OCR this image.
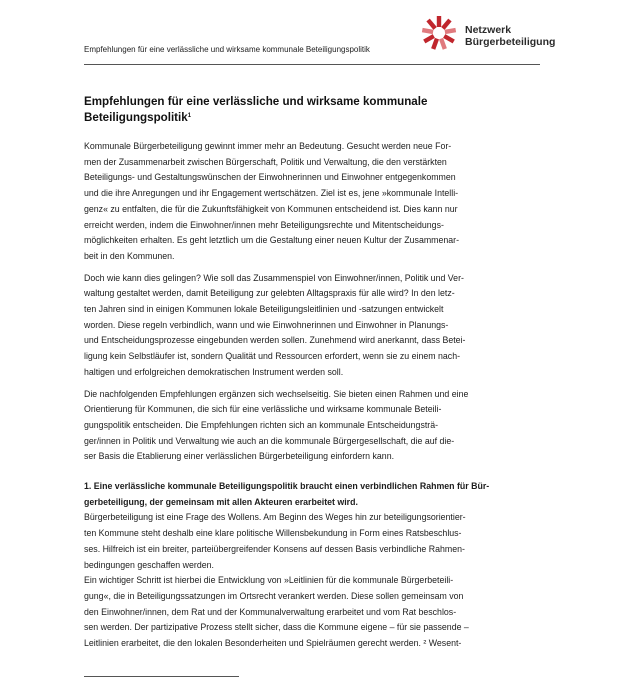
Netzwerk
Bürgerbeteiligung
Empfehlungen für eine verlässliche und wirksame kommunale Beteiligungspolitik
Empfehlungen für eine verlässliche und wirksame kommunale
Beteiligungspolitik$^1$

Kommunale Bürgerbeteiligung gewinnt immer mehr an Bedeutung. Gesucht werden neue For-
men der Zusammenarbeit zwischen Bürgerschaft, Politik und Verwaltung, die den verstärkten
Beteiligungs- und Gestaltungswünschen der Einwohnerinnen und Einwohner entgegenkommen
und die ihre Anregungen und ihr Engagement wertschätzen. Ziel ist es, jene »kommunale Intelli-
genz« zu entfalten, die für die Zukunftsfähigkeit von Kommunen entscheidend ist. Dies kann nur
erreicht werden, indem die Einwohner/innen mehr Beteiligungsrechte und Mitentscheidungs-
möglichkeiten erhalten. Es geht letztlich um die Gestaltung einer neuen Kultur der Zusammenar-
beit in den Kommunen.

Doch wie kann dies gelingen? Wie soll das Zusammenspiel von Einwohner/innen, Politik und Ver-
waltung gestaltet werden, damit Beteiligung zur gelebten Alltagspraxis für alle wird? In den letz-
ten Jahren sind in einigen Kommunen lokale Beteiligungsleitlinien und -satzungen entwickelt
worden. Diese regeln verbindlich, wann und wie Einwohnerinnen und Einwohner in Planungs-
und Entscheidungsprozesse eingebunden werden sollen. Zunehmend wird anerkannt, dass Betei-
ligung kein Selbstläufer ist, sondern Qualität und Ressourcen erfordert, wenn sie zu einem nach-
haltigen und erfolgreichen demokratischen Instrument werden soll.

Die nachfolgenden Empfehlungen ergänzen sich wechselseitig. Sie bieten einen Rahmen und eine
Orientierung für Kommunen, die sich für eine verlässliche und wirksame kommunale Beteili-
gungspolitik entscheiden. Die Empfehlungen richten sich an kommunale Entscheidungsträ-
ger/innen in Politik und Verwaltung wie auch an die kommunale Bürgergesellschaft, die auf die-
ser Basis die Etablierung einer verlässlichen Bürgerbeteiligung einfordern kann.

1. Eine verlässliche kommunale Beteiligungspolitik braucht einen verbindlichen Rahmen für Bür-
gerbeteiligung, der gemeinsam mit allen Akteuren erarbeitet wird.

Bürgerbeteiligung ist eine Frage des Wollens. Am Beginn des Weges hin zur beteiligungsorientier-
ten Kommune steht deshalb eine klare politische Willensbekundung in Form eines Ratsbeschlus-
ses. Hilfreich ist ein breiter, parteiübergreifender Konsens auf dessen Basis verbindliche Rahmen-
bedingungen geschaffen werden.
Ein wichtiger Schritt ist hierbei die Entwicklung von »Leitlinien für die kommunale Bürgerbeteili-
gung«, die in Beteiligungssatzungen im Ortsrecht verankert werden. Diese sollen gemeinsam von
den Einwohner/innen, dem Rat und der Kommunalverwaltung erarbeitet und vom Rat beschlos-
sen werden. Der partizipative Prozess stellt sicher, dass die Kommune eigene – für sie passende –
Leitlinien erarbeitet, die den lokalen Besonderheiten und Spielräumen gerecht werden. ² Wesent-
